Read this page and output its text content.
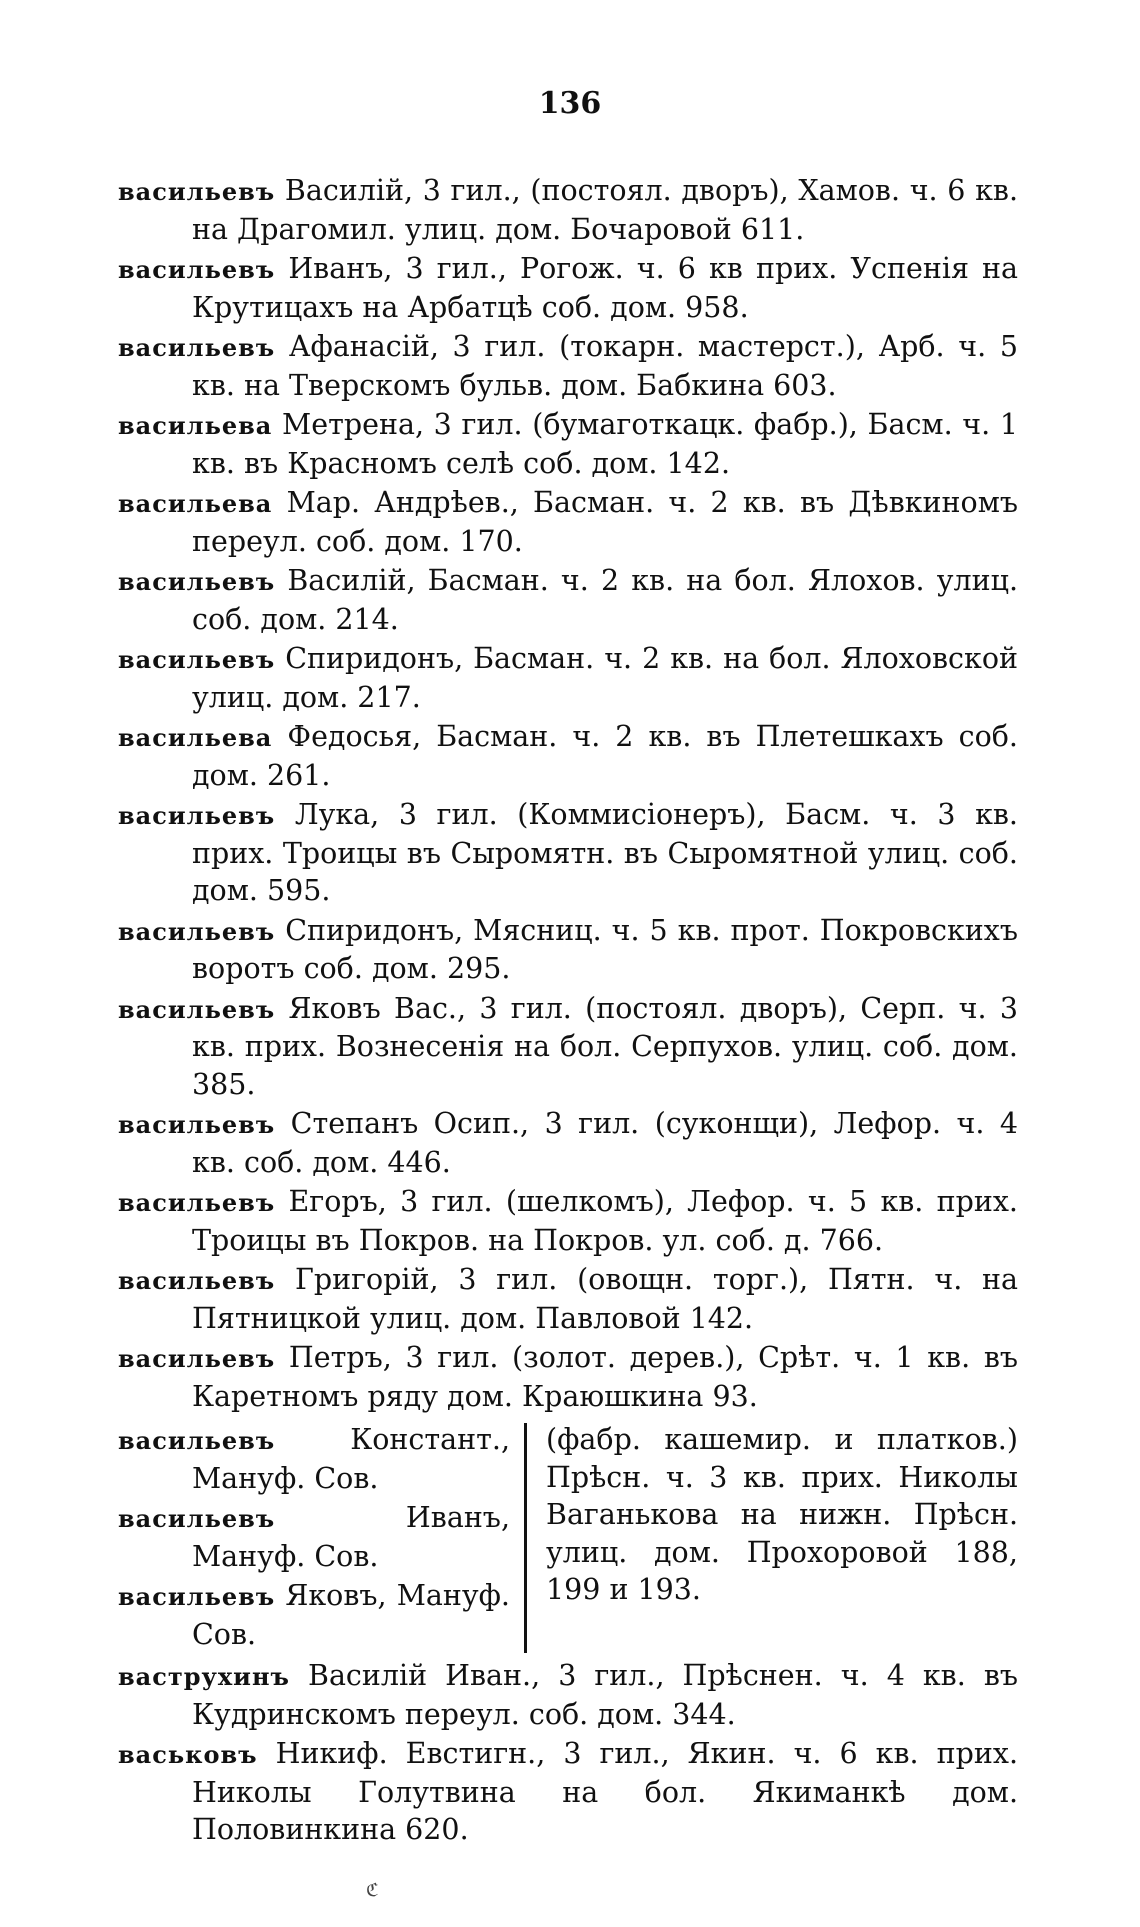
136

васильевъ Василій, 3 гил., (постоял. дворъ), Хамов. ч. 6 кв. на Драгомил. улиц. дом. Бочаровой 611.

васильевъ Иванъ, 3 гил., Рогож. ч. 6 кв прих. Успенія на Крутицахъ на Арбатцѣ соб. дом. 958.

васильевъ Афанасій, 3 гил. (токарн. мастерст.), Арб. ч. 5 кв. на Тверскомъ бульв. дом. Бабкина 603.

васильева Метрена, 3 гил. (бумаготкацк. фабр.), Басм. ч. 1 кв. въ Красномъ селѣ соб. дом. 142.

васильева Мар. Андрѣев., Басман. ч. 2 кв. въ Дѣвкиномъ переул. соб. дом. 170.

васильевъ Василій, Басман. ч. 2 кв. на бол. Ялохов. улиц. соб. дом. 214.

васильевъ Спиридонъ, Басман. ч. 2 кв. на бол. Ялоховской улиц. дом. 217.

васильева Федосья, Басман. ч. 2 кв. въ Плетешкахъ соб. дом. 261.

васильевъ Лука, 3 гил. (Коммисіонеръ), Басм. ч. 3 кв. прих. Троицы въ Сыромятн. въ Сыромятной улиц. соб. дом. 595.

васильевъ Спиридонъ, Мясниц. ч. 5 кв. прот. Покровскихъ воротъ соб. дом. 295.

васильевъ Яковъ Вас., 3 гил. (постоял. дворъ), Серп. ч. 3 кв. прих. Вознесенія на бол. Серпухов. улиц. соб. дом. 385.

васильевъ Степанъ Осип., 3 гил. (суконщи), Лефор. ч. 4 кв. соб. дом. 446.

васильевъ Егоръ, 3 гил. (шелкомъ), Лефор. ч. 5 кв. прих. Троицы въ Покров. на Покров. ул. соб. д. 766.

васильевъ Григорій, 3 гил. (овощн. торг.), Пятн. ч. на Пятницкой улиц. дом. Павловой 142.

васильевъ Петръ, 3 гил. (золот. дерев.), Срѣт. ч. 1 кв. въ Каретномъ ряду дом. Краюшкина 93.

васильевъ	Констант., Мануф. Сов.

васильевъ	Иванъ, Мануф. Сов.

васильевъ Яковъ, Мануф. Сов.

(фабр. кашемир. и платков.) Прѣсн. ч. 3 кв. прих. Николы Ваганькова на нижн. Прѣсн. улиц. дом. Прохоровой 188, 199 и 193.

ваструхинъ Василій Иван., 3 гил., Прѣснен. ч. 4 кв. въ Кудринскомъ переул. соб. дом. 344.

васьковъ Никиф. Евстигн., 3 гил., Якин. ч. 6 кв. прих. Николы Голутвина на бол. Якиманкѣ дом. Половинкина 620.

ℭ
